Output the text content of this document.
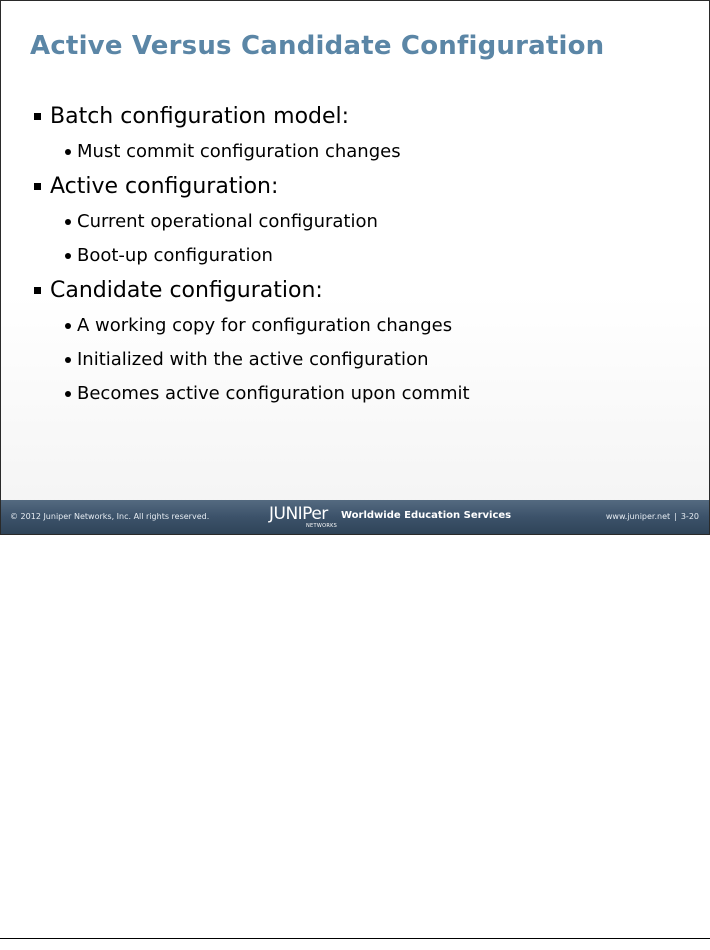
Active Versus Candidate Configuration
Batch configuration model:
Must commit configuration changes
Active configuration:
Current operational configuration
Boot-up configuration
Candidate configuration:
A working copy for configuration changes
Initialized with the active configuration
Becomes active configuration upon commit
© 2012 Juniper Networks, Inc. All rights reserved.	JUNIPer
NETWORKS
Worldwide Education Services	www.juniper.net | 3-20
